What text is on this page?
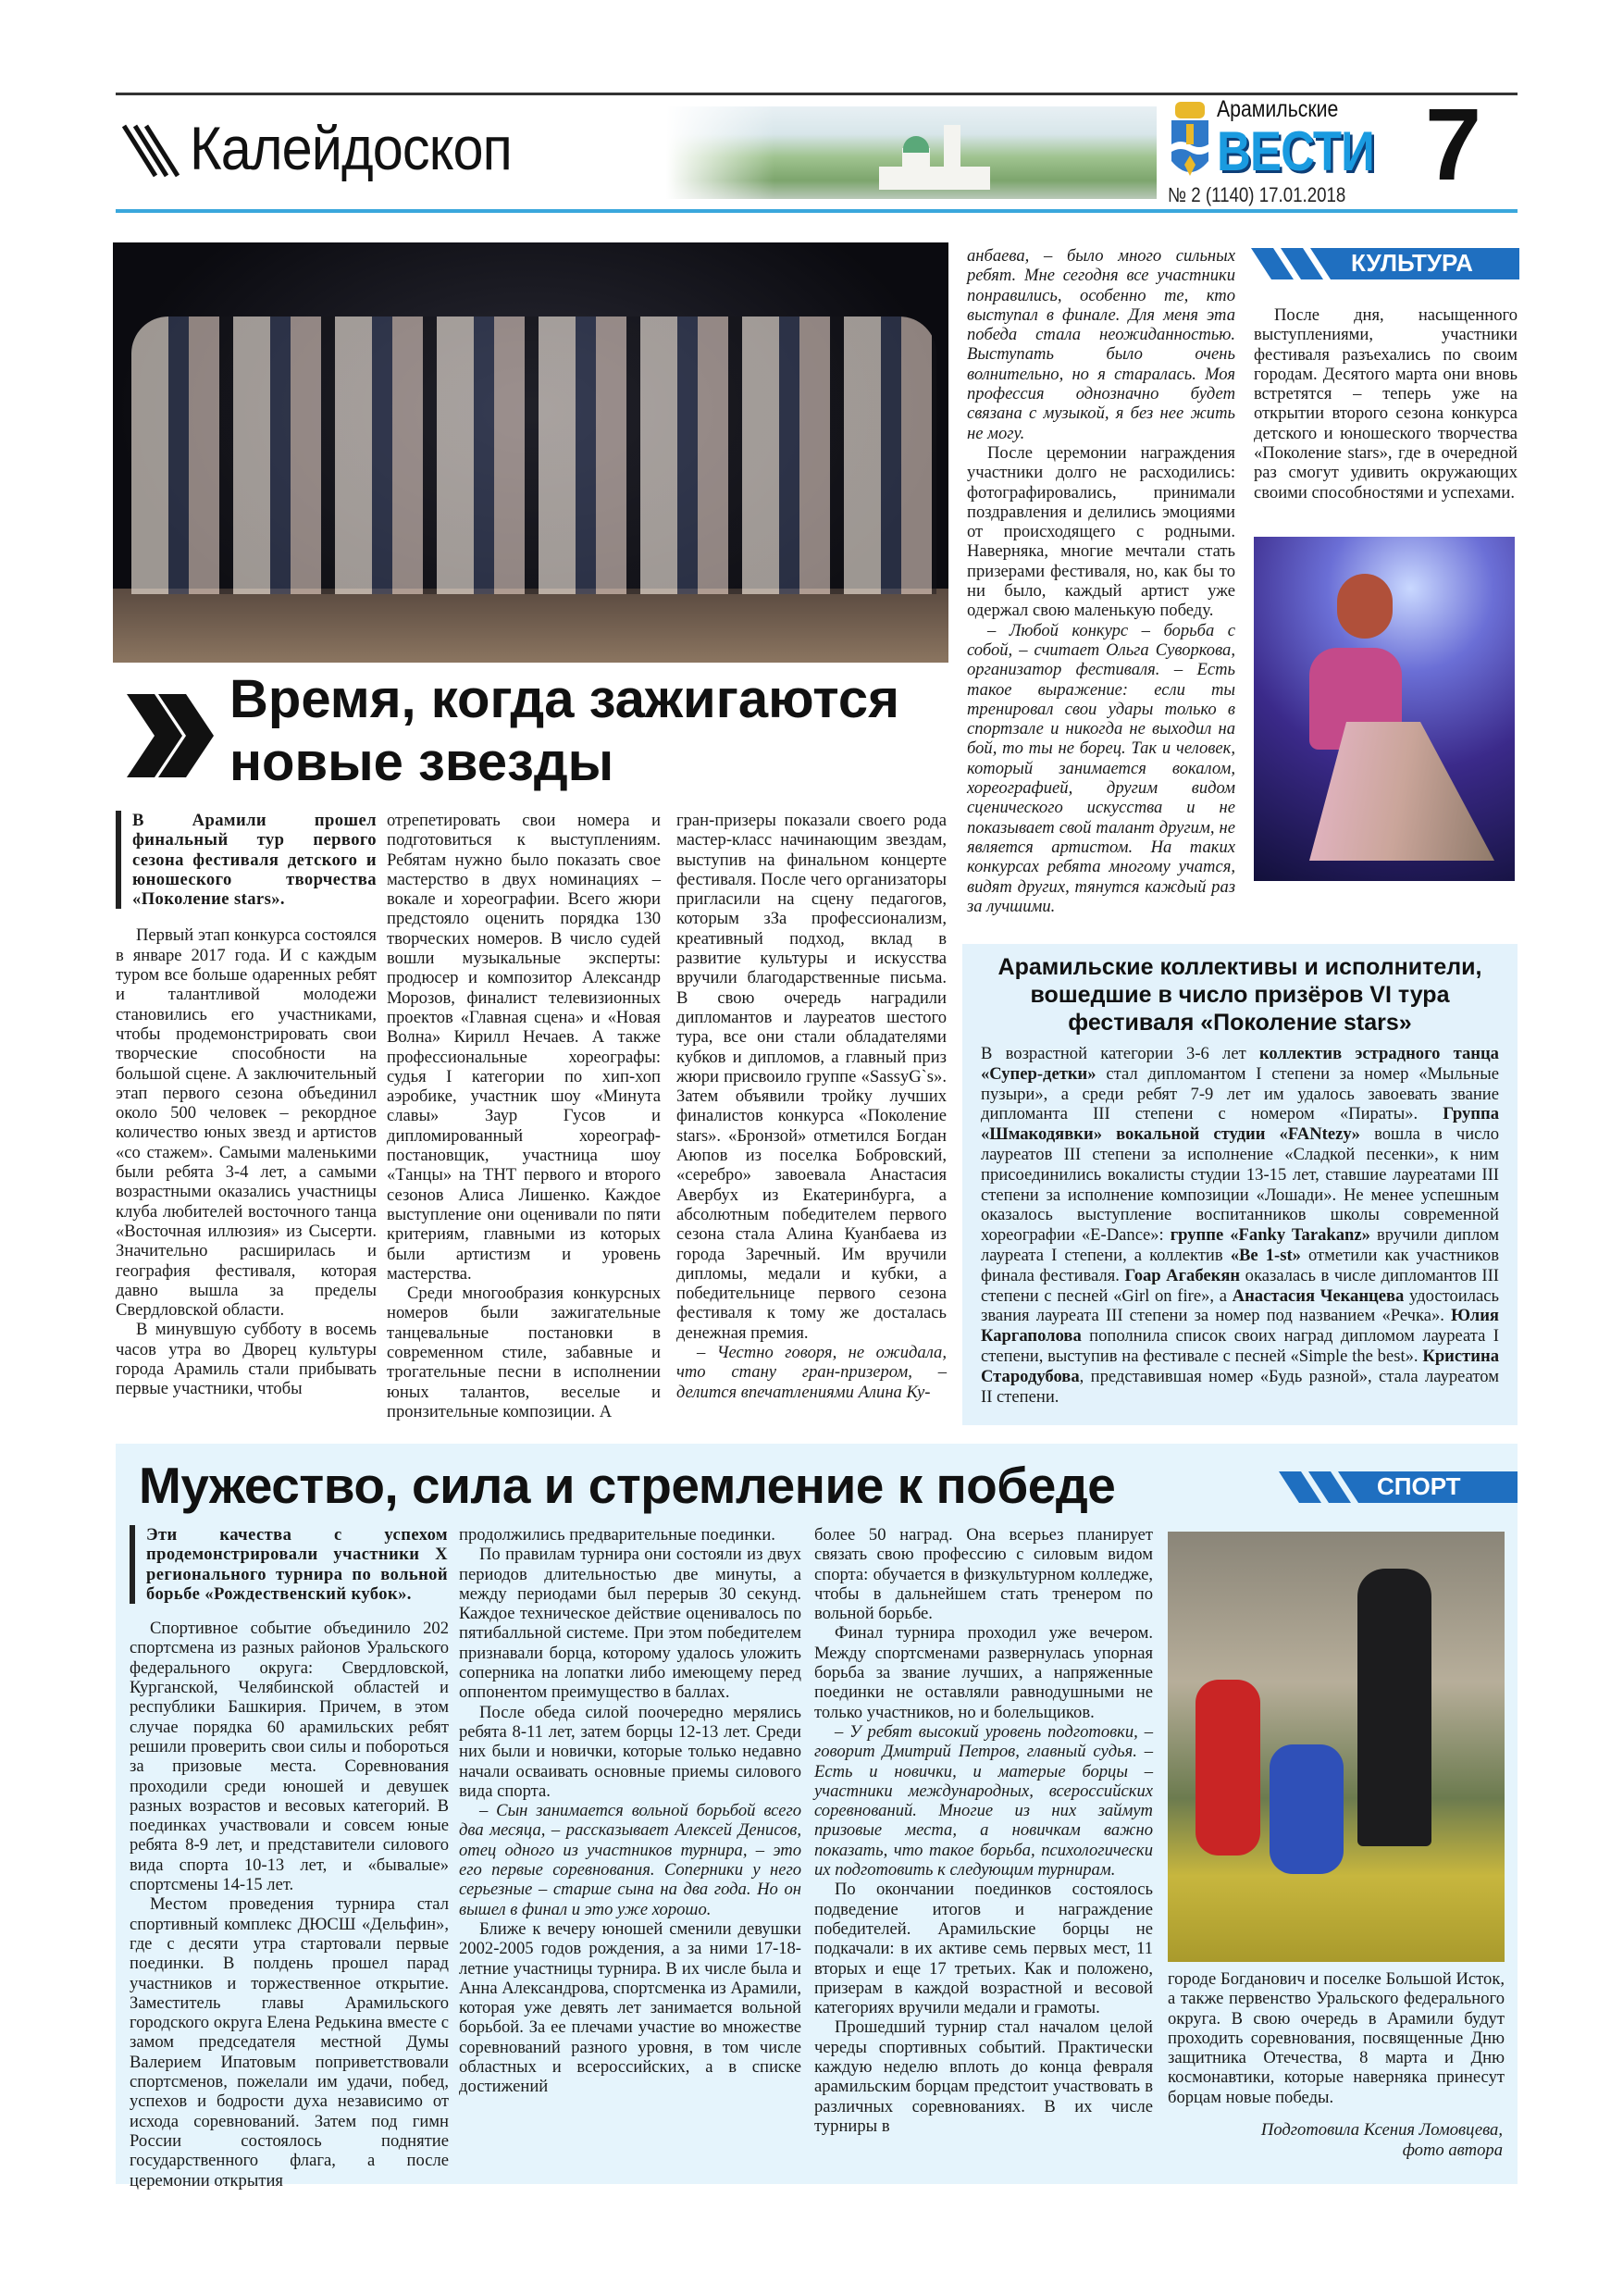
Калейдоскоп
Арамильские
ВЕСТИ
№ 2 (1140) 17.01.2018 7
Время, когда зажигаются
новые звезды
В Арамили прошел финальный тур первого сезона фестиваля детского и юношеского творчества «Поколение stars».

Первый этап конкурса состоялся в январе 2017 года. И с каждым туром все больше одаренных ребят и талантливой молодежи становились его участниками, чтобы продемонстрировать свои творческие способности на большой сцене. А заключительный этап первого сезона объединил около 500 человек – рекордное количество юных звезд и артистов «со стажем». Самыми маленькими были ребята 3-4 лет, а самыми возрастными оказались участницы клуба любителей восточного танца «Восточная иллюзия» из Сысерти. Значительно расширилась и география фестиваля, которая давно вышла за пределы Свердловской области.

В минувшую субботу в восемь часов утра во Дворец культуры города Арамиль стали прибывать первые участники, чтобы

отрепетировать свои номера и подготовиться к выступлениям. Ребятам нужно было показать свое мастерство в двух номинациях – вокале и хореографии. Всего жюри предстояло оценить порядка 130 творческих номеров. В число судей вошли музыкальные эксперты: продюсер и композитор Александр Морозов, финалист телевизионных проектов «Главная сцена» и «Новая Волна» Кирилл Нечаев. А также профессиональные хореографы: судья I категории по хип-хоп аэробике, участник шоу «Минута славы» Заур Гусов и дипломированный хореограф-постановщик, участница шоу «Танцы» на ТНТ первого и второго сезонов Алиса Лишенко. Каждое выступление они оценивали по пяти критериям, главными из которых были артистизм и уровень мастерства.

Среди многообразия конкурсных номеров были зажигательные танцевальные постановки в современном стиле, забавные и трогательные песни в исполнении юных талантов, веселые и пронзительные композиции. А

гран-призеры показали своего рода мастер-класс начинающим звездам, выступив на финальном концерте фестиваля. После чего организаторы пригласили на сцену педагогов, которым зЗа профессионализм, креативный подход, вклад в развитие культуры и искусства вручили благодарственные письма. В свою очередь наградили дипломантов и лауреатов шестого тура, все они стали обладателями кубков и дипломов, а главный приз жюри присвоило группе «SassyG`s». Затем объявили тройку лучших финалистов конкурса «Поколение stars». «Бронзой» отметился Богдан Аюпов из поселка Бобровский, «серебро» завоевала Анастасия Авербух из Екатеринбурга, а абсолютным победителем первого сезона стала Алина Куанбаева из города Заречный. Им вручили дипломы, медали и кубки, а победительнице первого сезона фестиваля к тому же досталась денежная премия.

– Честно говоря, не ожидала, что стану гран-призером, – делится впечатлениями Алина Ку-

анбаева, – было много сильных ребят. Мне сегодня все участники понравились, особенно те, кто выступал в финале. Для меня эта победа стала неожиданностью. Выступать было очень волнительно, но я старалась. Моя профессия однозначно будет связана с музыкой, я без нее жить не могу.

После церемонии награждения участники долго не расходились: фотографировались, принимали поздравления и делились эмоциями от происходящего с родными. Наверняка, многие мечтали стать призерами фестиваля, но, как бы то ни было, каждый артист уже одержал свою маленькую победу.

– Любой конкурс – борьба с собой, – считает Ольга Суворкова, организатор фестиваля. – Есть такое выражение: если ты тренировал свои удары только в спортзале и никогда не выходил на бой, то ты не борец. Так и человек, который занимается вокалом, хореографией, другим видом сценического искусства и не показывает свой талант другим, не является артистом. На таких конкурсах ребята многому учатся, видят других, тянутся каждый раз за лучшими.

КУЛЬТУРА

После дня, насыщенного выступлениями, участники фестиваля разъехались по своим городам. Десятого марта они вновь встретятся – теперь уже на открытии второго сезона конкурса детского и юношеского творчества «Поколение stars», где в очередной раз смогут удивить окружающих своими способностями и успехами.

Арамильские коллективы и исполнители, вошедшие в число призёров VI тура фестиваля «Поколение stars»
В возрастной категории 3-6 лет коллектив эстрадного танца «Супер-детки» стал дипломантом I степени за номер «Мыльные пузыри», а среди ребят 7-9 лет им удалось завоевать звание дипломанта III степени с номером «Пираты». Группа «Шмакодявки» вокальной студии «FANtezy» вошла в число лауреатов III степени за исполнение «Сладкой песенки», к ним присоединились вокалисты студии 13-15 лет, ставшие лауреатами III степени за исполнение композиции «Лошади». Не менее успешным оказалось выступление воспитанников школы современной хореографии «E-Dance»: группе «Fanky Tarakanz» вручили диплом лауреата I степени, а коллектив «Be 1-st» отметили как участников финала фестиваля. Гоар Агабекян оказалась в числе дипломантов III степени с песней «Girl on fire», а Анастасия Чеканцева удостоилась звания лауреата III степени за номер под названием «Речка». Юлия Каргаполова пополнила список своих наград дипломом лауреата I степени, выступив на фестивале с песней «Simple the best». Кристина Стародубова, представившая номер «Будь разной», стала лауреатом II степени.
Мужество, сила и стремление к победе	СПОРТ
Эти качества с успехом продемонстрировали участники X регионального турнира по вольной борьбе «Рождественский кубок».

Спортивное событие объединило 202 спортсмена из разных районов Уральского федерального округа: Свердловской, Курганской, Челябинской областей и республики Башкирия. Причем, в этом случае порядка 60 арамильских ребят решили проверить свои силы и побороться за призовые места. Соревнования проходили среди юношей и девушек разных возрастов и весовых категорий. В поединках участвовали и совсем юные ребята 8-9 лет, и представители силового вида спорта 10-13 лет, и «бывалые» спортсмены 14-15 лет.

Местом проведения турнира стал спортивный комплекс ДЮСШ «Дельфин», где с десяти утра стартовали первые поединки. В полдень прошел парад участников и торжественное открытие. Заместитель главы Арамильского городского округа Елена Редькина вместе с замом председателя местной Думы Валерием Ипатовым поприветствовали спортсменов, пожелали им удачи, побед, успехов и бодрости духа независимо от исхода соревнований. Затем под гимн России состоялось поднятие государственного флага, а после церемонии открытия

продолжились предварительные поединки.

По правилам турнира они состояли из двух периодов длительностью две минуты, а между периодами был перерыв 30 секунд. Каждое техническое действие оценивалось по пятибалльной системе. При этом победителем признавали борца, которому удалось уложить соперника на лопатки либо имеющему перед оппонентом преимущество в баллах.

После обеда силой поочередно мерялись ребята 8-11 лет, затем борцы 12-13 лет. Среди них были и новички, которые только недавно начали осваивать основные приемы силового вида спорта.

– Сын занимается вольной борьбой всего два месяца, – рассказывает Алексей Денисов, отец одного из участников турнира, – это его первые соревнования. Соперники у него серьезные – старше сына на два года. Но он вышел в финал и это уже хорошо.

Ближе к вечеру юношей сменили девушки 2002-2005 годов рождения, а за ними 17-18-летние участницы турнира. В их числе была и Анна Александрова, спортсменка из Арамили, которая уже девять лет занимается вольной борьбой. За ее плечами участие во множестве соревнований разного уровня, в том числе областных и всероссийских, а в списке достижений

более 50 наград. Она всерьез планирует связать свою профессию с силовым видом спорта: обучается в физкультурном колледже, чтобы в дальнейшем стать тренером по вольной борьбе.

Финал турнира проходил уже вечером. Между спортсменами развернулась упорная борьба за звание лучших, а напряженные поединки не оставляли равнодушными не только участников, но и болельщиков.

– У ребят высокий уровень подготовки, – говорит Дмитрий Петров, главный судья. – Есть и новички, и матерые борцы – участники международных, всероссийских соревнований. Многие из них займут призовые места, а новичкам важно показать, что такое борьба, психологически их подготовить к следующим турнирам.

По окончании поединков состоялось подведение итогов и награждение победителей. Арамильские борцы не подкачали: в их активе семь первых мест, 11 вторых и еще 17 третьих. Как и положено, призерам в каждой возрастной и весовой категориях вручили медали и грамоты.

Прошедший турнир стал началом целой череды спортивных событий. Практически каждую неделю вплоть до конца февраля арамильским борцам предстоит участвовать в различных соревнованиях. В их числе турниры в

городе Богданович и поселке Большой Исток, а также первенство Уральского федерального округа. В свою очередь в Арамили будут проходить соревнования, посвященные Дню защитника Отечества, 8 марта и Дню космонавтики, которые наверняка принесут борцам новые победы.

Подготовила Ксения Ломовцева,
фото автора
